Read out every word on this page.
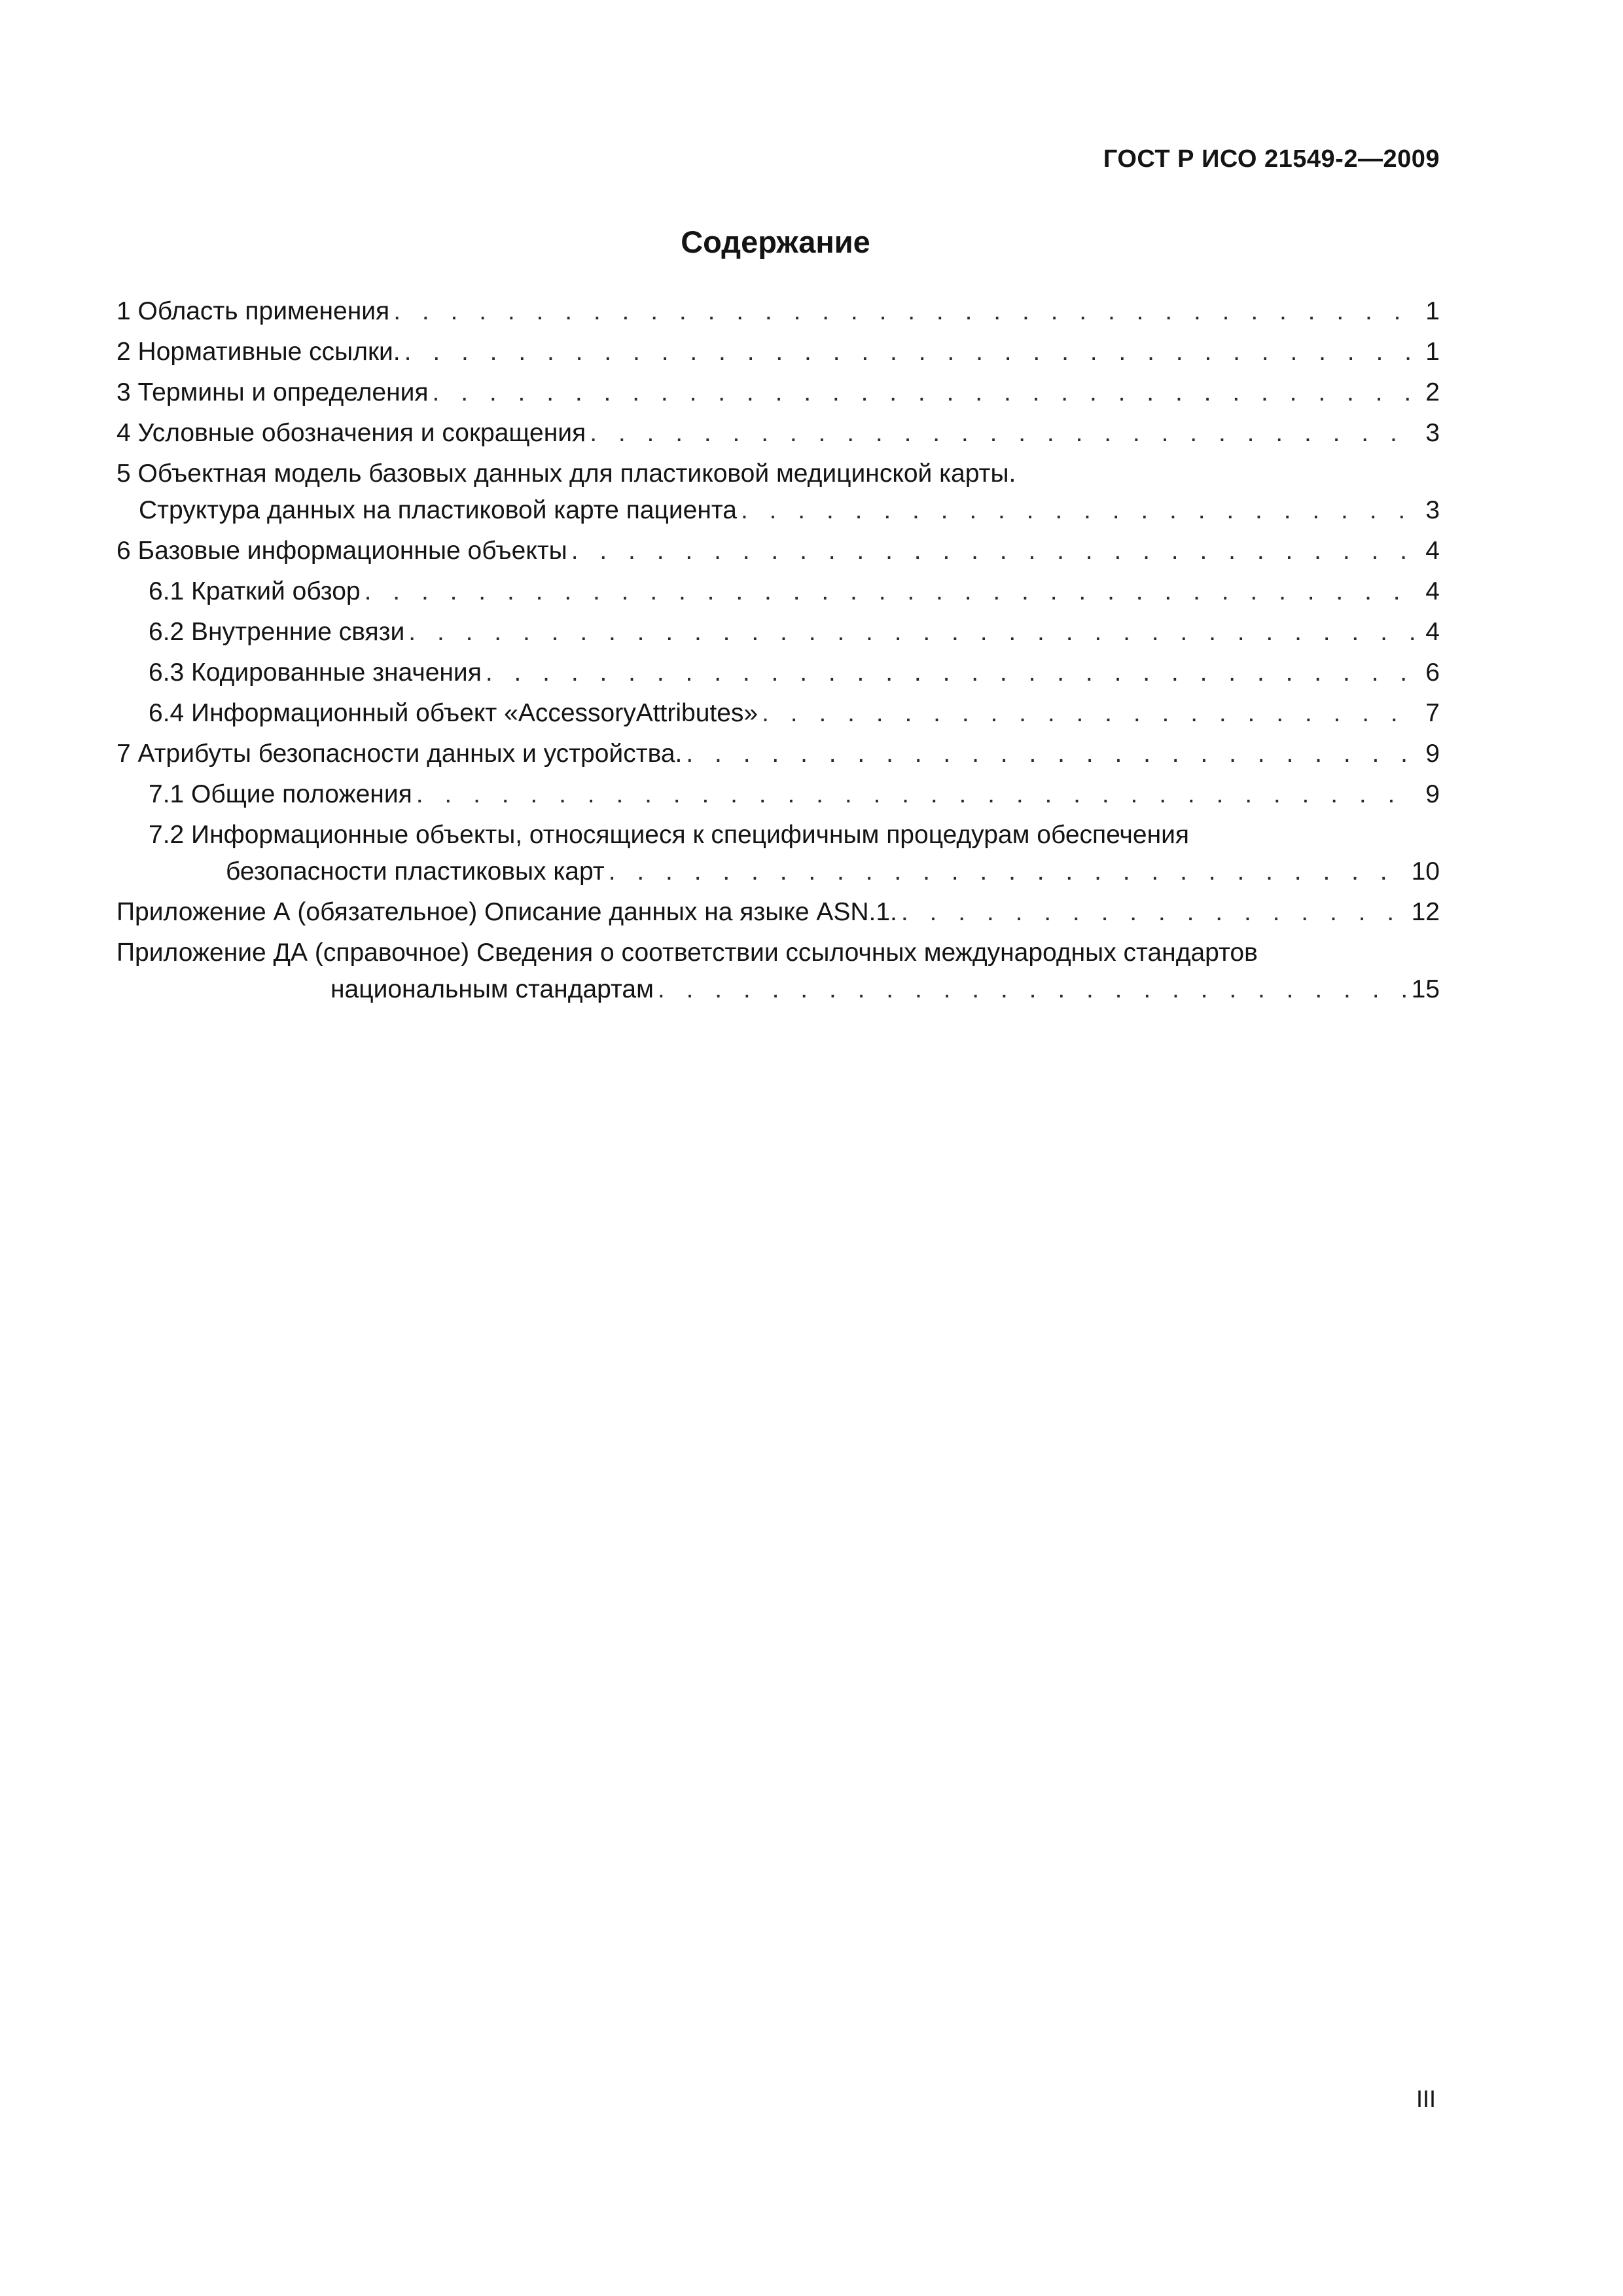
ГОСТ Р ИСО 21549-2—2009
Содержание
1 Область применения . . .	1
2 Нормативные ссылки. . . .	1
3 Термины и определения . . .	2
4 Условные обозначения и сокращения . . .	3
5 Объектная модель базовых данных для пластиковой медицинской карты.
Структура данных на пластиковой карте пациента . . .	3
6 Базовые информационные объекты . . .	4
6.1 Краткий обзор . . .	4
6.2 Внутренние связи . . .	4
6.3 Кодированные значения . . .	6
6.4 Информационный объект «AccessoryAttributes» . . .	7
7 Атрибуты безопасности данных и устройства. . . .	9
7.1 Общие положения . . .	9
7.2 Информационные объекты, относящиеся к специфичным процедурам обеспечения
безопасности пластиковых карт . . .	10
Приложение А (обязательное) Описание данных на языке ASN.1. . . .	12
Приложение ДА (справочное) Сведения о соответствии ссылочных международных стандартов
национальным стандартам . . .	15
III
